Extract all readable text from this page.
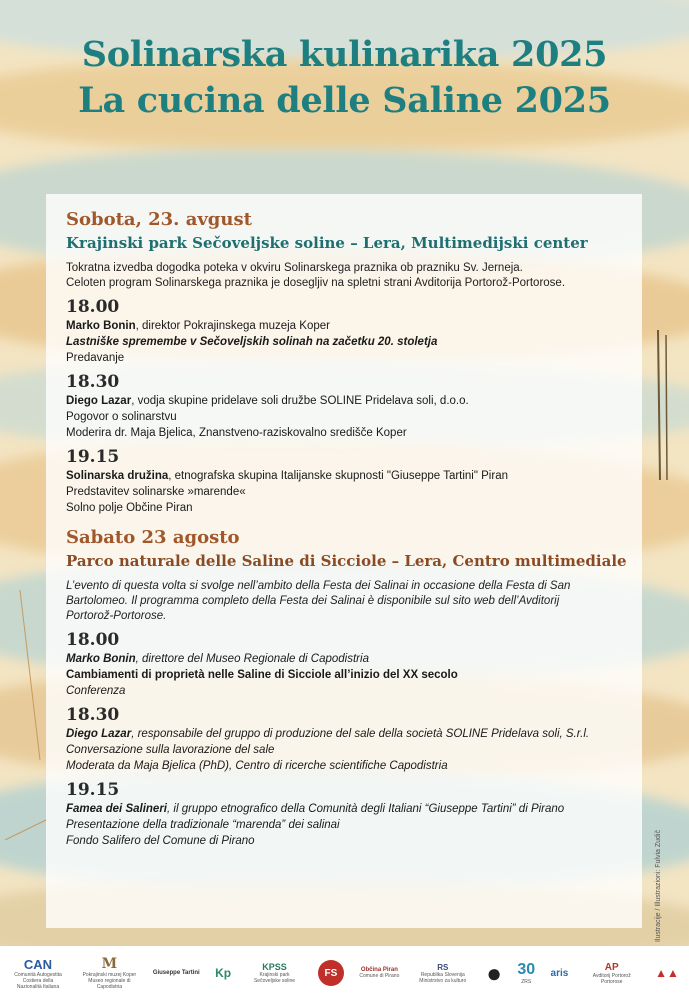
Solinarska kulinarika 2025
La cucina delle Saline 2025

Sobota, 23. avgust

Krajinski park Sečoveljske soline – Lera, Multimedijski center

Tokratna izvedba dogodka poteka v okviru Solinarskega praznika ob prazniku Sv. Jerneja.
Celoten program Solinarskega praznika je dosegljiv na spletni strani Avditorija Portorož-Portorose.

18.00

Marko Bonin, direktor Pokrajinskega muzeja Koper

Lastniške spremembe v Sečoveljskih solinah na začetku 20. stoletja

Predavanje

18.30

Diego Lazar, vodja skupine pridelave soli družbe SOLINE Pridelava soli, d.o.o.

Pogovor o solinarstvu

Moderira dr. Maja Bjelica, Znanstveno-raziskovalno središče Koper

19.15

Solinarska družina, etnografska skupina Italijanske skupnosti "Giuseppe Tartini" Piran

Predstavitev solinarske »marende«

Solno polje Občine Piran

Sabato 23 agosto

Parco naturale delle Saline di Sicciole – Lera, Centro multimediale

L’evento di questa volta si svolge nell’ambito della Festa dei Salinai in occasione della Festa di San
Bartolomeo. Il programma completo della Festa dei Salinai è disponibile sul sito web dell’Avditorij
Portorož-Portorose.

18.00

Marko Bonin, direttore del Museo Regionale di Capodistria

Cambiamenti di proprietà nelle Saline di Sicciole all’inizio del XX secolo

Conferenza

18.30

Diego Lazar, responsabile del gruppo di produzione del sale della società SOLINE Pridelava soli, S.r.l.

Conversazione sulla lavorazione del sale

Moderata da Maja Bjelica (PhD), Centro di ricerche scientifiche Capodistria

19.15

Famea dei Salineri, il gruppo etnografico della Comunità degli Italiani “Giuseppe Tartini” di Pirano

Presentazione della tradizionale “marenda” dei salinai

Fondo Salifero del Comune di Pirano	Ilustracije / Illustrazioni: Fulvia Zudič
CAN
Comunità Autogestita Costiera della Nazionalità Italiana
M
Pokrajinski muzej Koper Museo regionale di Capodistria
Giuseppe Tartini Kp	KPSS
Krajinski park Sečoveljske soline
FS	Občina Piran
Comune di Pirano
RS
Republika Slovenija Ministrstvo za kulturo ● 30
ZRS
aris
AP
Avditorij Portorož Portorose
▲▲
